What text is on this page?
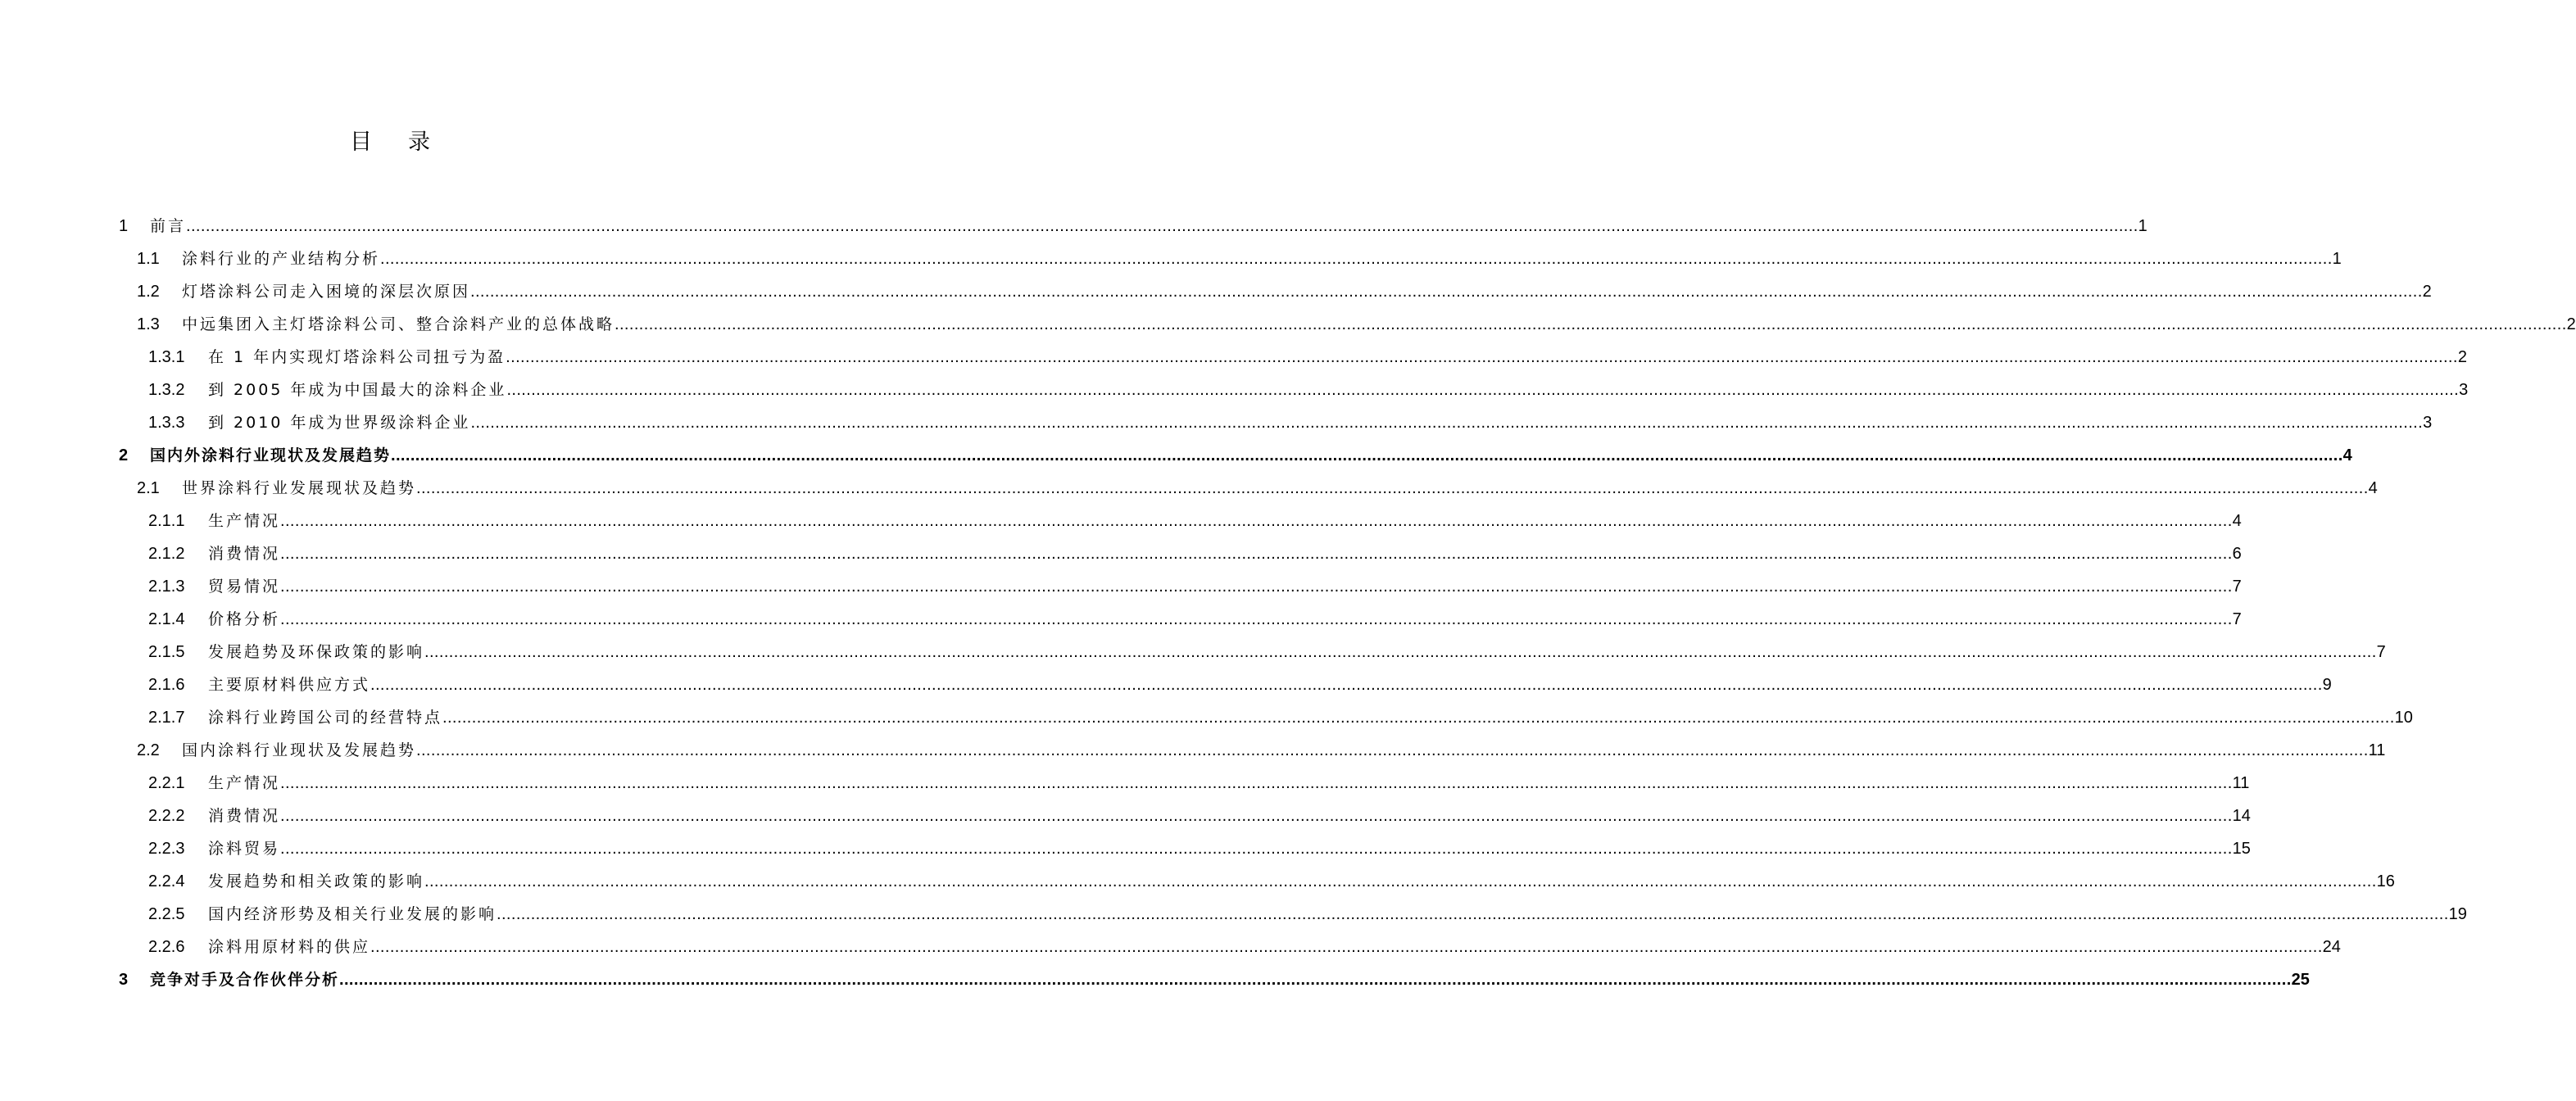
目录
1	前言 ................................................................................................................................................................................................................................................................................................................................................................................................................ 1
1.1	涂料行业的产业结构分析 ................................................................................................................................................................................................................................................................................................................................................................................................................ 1
1.2	灯塔涂料公司走入困境的深层次原因 ................................................................................................................................................................................................................................................................................................................................................................................................................ 2
1.3	中远集团入主灯塔涂料公司、整合涂料产业的总体战略 ................................................................................................................................................................................................................................................................................................................................................................................................................ 2
1.3.1	在 1 年内实现灯塔涂料公司扭亏为盈 ................................................................................................................................................................................................................................................................................................................................................................................................................ 2
1.3.2	到 2005 年成为中国最大的涂料企业 ................................................................................................................................................................................................................................................................................................................................................................................................................ 3
1.3.3	到 2010 年成为世界级涂料企业 ................................................................................................................................................................................................................................................................................................................................................................................................................ 3
2	国内外涂料行业现状及发展趋势 ................................................................................................................................................................................................................................................................................................................................................................................................................ 4
2.1	世界涂料行业发展现状及趋势 ................................................................................................................................................................................................................................................................................................................................................................................................................ 4
2.1.1	生产情况 ................................................................................................................................................................................................................................................................................................................................................................................................................ 4
2.1.2	消费情况 ................................................................................................................................................................................................................................................................................................................................................................................................................ 6
2.1.3	贸易情况 ................................................................................................................................................................................................................................................................................................................................................................................................................ 7
2.1.4	价格分析 ................................................................................................................................................................................................................................................................................................................................................................................................................ 7
2.1.5	发展趋势及环保政策的影响 ................................................................................................................................................................................................................................................................................................................................................................................................................ 7
2.1.6	主要原材料供应方式 ................................................................................................................................................................................................................................................................................................................................................................................................................ 9
2.1.7	涂料行业跨国公司的经营特点 ................................................................................................................................................................................................................................................................................................................................................................................................................ 10
2.2	国内涂料行业现状及发展趋势 ................................................................................................................................................................................................................................................................................................................................................................................................................ 11
2.2.1	生产情况 ................................................................................................................................................................................................................................................................................................................................................................................................................ 11
2.2.2	消费情况 ................................................................................................................................................................................................................................................................................................................................................................................................................ 14
2.2.3	涂料贸易 ................................................................................................................................................................................................................................................................................................................................................................................................................ 15
2.2.4	发展趋势和相关政策的影响 ................................................................................................................................................................................................................................................................................................................................................................................................................ 16
2.2.5	国内经济形势及相关行业发展的影响 ................................................................................................................................................................................................................................................................................................................................................................................................................ 19
2.2.6	涂料用原材料的供应 ................................................................................................................................................................................................................................................................................................................................................................................................................ 24
3	竞争对手及合作伙伴分析 ................................................................................................................................................................................................................................................................................................................................................................................................................ 25
